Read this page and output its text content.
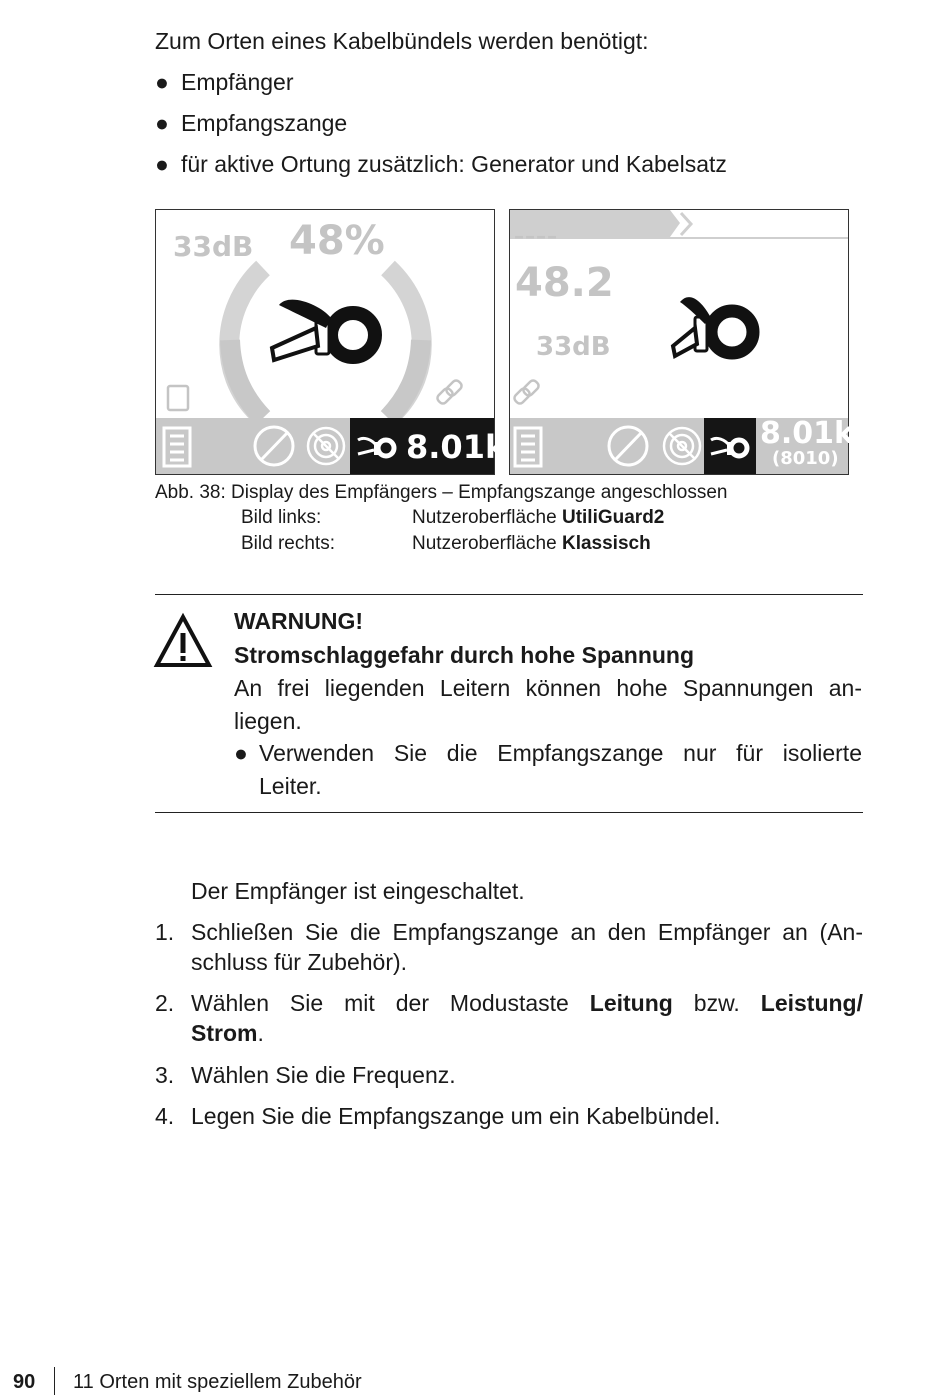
Zum Orten eines Kabelbündels werden benötigt:
● Empfänger
● Empfangszange
● für aktive Ortung zusätzlich: Generator und Kabelsatz
33dB 48%
8.01k
––––
48.2
33dB
8.01k
(8010)
Abb. 38: Display des Empfängers – Empfangszange angeschlossen
Bild links:	Nutzeroberfläche UtiliGuard2
Bild rechts:	Nutzeroberfläche Klassisch
WARNUNG!
Stromschlaggefahr durch hohe Spannung
An frei liegenden Leitern können hohe Spannungen an-
liegen.
● Verwenden Sie die Empfangszange nur für isolierte
Leiter.
Der Empfänger ist eingeschaltet.
1. Schließen Sie die Empfangszange an den Empfänger an (An-
schluss für Zubehör).
2. Wählen Sie mit der Modustaste Leitung bzw. Leistung/
Strom.
3. Wählen Sie die Frequenz.
4. Legen Sie die Empfangszange um ein Kabelbündel.
90 11 Orten mit speziellem Zubehör
